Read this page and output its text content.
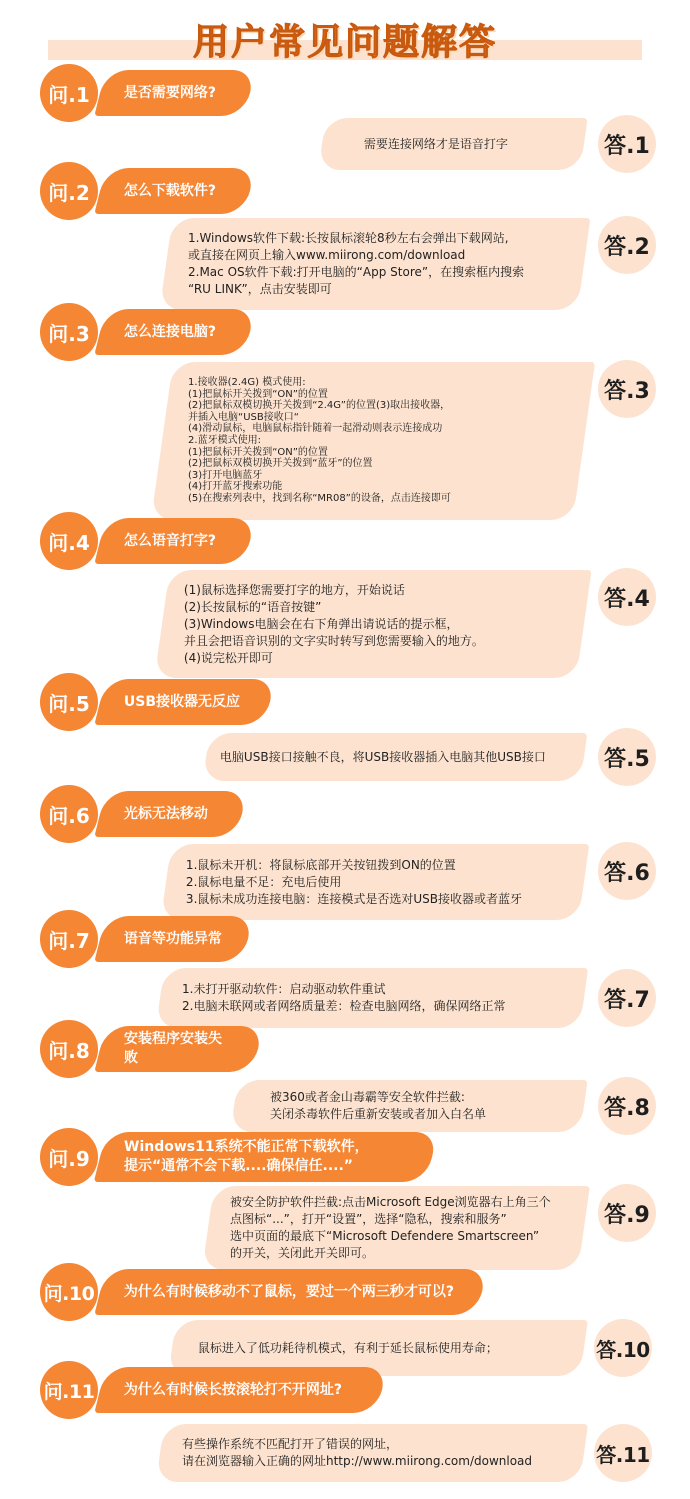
用户常见问题解答
问.1	是否需要网络?
需要连接网络才是语音打字	答.1
问.2	怎么下载软件?
1.Windows软件下载:长按鼠标滚轮8秒左右会弹出下载网站,
或直接在网页上输入www.miirong.com/download
2.Mac OS软件下载:打开电脑的“App Store”，在搜索框内搜索
“RU LINK”，点击安装即可
答.2
问.3	怎么连接电脑?
1.接收器(2.4G) 模式使用:
(1)把鼠标开关拨到“ON”的位置
(2)把鼠标双模切换开关拨到“2.4G”的位置(3)取出接收器，
并插入电脑“USB接收口“
(4)滑动鼠标，电脑鼠标指针随着一起滑动则表示连接成功
2.蓝牙模式使用:
(1)把鼠标开关拨到“ON”的位置
(2)把鼠标双模切换开关拨到“蓝牙”的位置
(3)打开电脑蓝牙
(4)打开蓝牙搜索功能
(5)在搜索列表中，找到名称“MR08”的设备，点击连接即可
答.3
问.4	怎么语音打字?
(1)鼠标选择您需要打字的地方，开始说话
(2)长按鼠标的“语音按键”
(3)Windows电脑会在右下角弹出请说话的提示框，
并且会把语音识别的文字实时转写到您需要输入的地方。
(4)说完松开即可
答.4
问.5	USB接收器无反应
电脑USB接口接触不良，将USB接收器插入电脑其他USB接口	答.5
问.6	光标无法移动
1.鼠标未开机：将鼠标底部开关按钮拨到ON的位置
2.鼠标电量不足：充电后使用
3.鼠标未成功连接电脑：连接模式是否选对USB接收器或者蓝牙
答.6
问.7	语音等功能异常
1.未打开驱动软件：启动驱动软件重试
2.电脑未联网或者网络质量差：检查电脑网络，确保网络正常	答.7
问.8	安装程序安装失败
被360或者金山毒霸等安全软件拦截:
关闭杀毒软件后重新安装或者加入白名单	答.8
问.9	Windows11系统不能正常下载软件，
提示“通常不会下载....确保信任....”
被安全防护软件拦截:点击Microsoft Edge浏览器右上角三个
点图标“...”，打开“设置”，选择“隐私，搜索和服务”
选中页面的最底下“Microsoft Defendere Smartscreen”
的开关，关闭此开关即可。
答.9
问.10 为什么有时候移动不了鼠标，要过一个两三秒才可以?
鼠标进入了低功耗待机模式，有利于延长鼠标使用寿命；	答.10
问.11 为什么有时候长按滚轮打不开网址?
有些操作系统不匹配打开了错误的网址，
请在浏览器输入正确的网址http://www.miirong.com/download	答.11
